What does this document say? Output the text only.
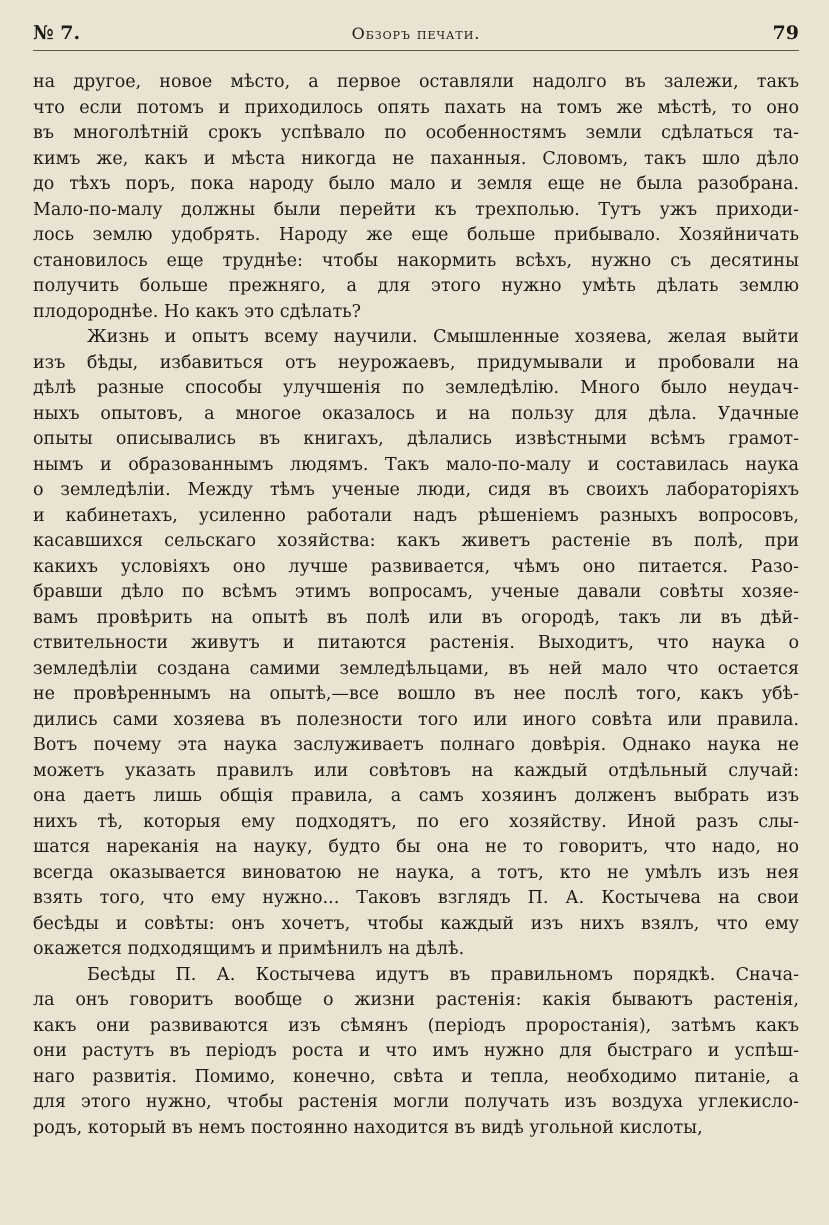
№ 7.	Обзоръ печати.	79
на другое, новое мѣсто, а первое оставляли надолго въ залежи, такъ
что если потомъ и приходилось опять пахать на томъ же мѣстѣ, то оно
въ многолѣтній срокъ успѣвало по особенностямъ земли сдѣлаться та-
кимъ же, какъ и мѣста никогда не паханныя. Словомъ, такъ шло дѣло
до тѣхъ поръ, пока народу было мало и земля еще не была разобрана.
Мало-по-малу должны были перейти къ трехполью. Тутъ ужъ приходи-
лось землю удобрять. Народу же еще больше прибывало. Хозяйничать
становилось еще труднѣе: чтобы накормить всѣхъ, нужно съ десятины
получить больше прежняго, а для этого нужно умѣть дѣлать землю
плодороднѣе. Но какъ это сдѣлать?
Жизнь и опытъ всему научили. Смышленные хозяева, желая выйти
изъ бѣды, избавиться отъ неурожаевъ, придумывали и пробовали на
дѣлѣ разные способы улучшенія по земледѣлію. Много было неудач-
ныхъ опытовъ, а многое оказалось и на пользу для дѣла. Удачные
опыты описывались въ книгахъ, дѣлались извѣстными всѣмъ грамот-
нымъ и образованнымъ людямъ. Такъ мало-по-малу и составилась наука
о земледѣліи. Между тѣмъ ученые люди, сидя въ своихъ лабораторіяхъ
и кабинетахъ, усиленно работали надъ рѣшеніемъ разныхъ вопросовъ,
касавшихся сельскаго хозяйства: какъ живетъ растеніе въ полѣ, при
какихъ условіяхъ оно лучше развивается, чѣмъ оно питается. Разо-
бравши дѣло по всѣмъ этимъ вопросамъ, ученые давали совѣты хозяе-
вамъ провѣрить на опытѣ въ полѣ или въ огородѣ, такъ ли въ дѣй-
ствительности живутъ и питаются растенія. Выходитъ, что наука о
земледѣліи создана самими земледѣльцами, въ ней мало что остается
не провѣреннымъ на опытѣ,—все вошло въ нее послѣ того, какъ убѣ-
дились сами хозяева въ полезности того или иного совѣта или правила.
Вотъ почему эта наука заслуживаетъ полнаго довѣрія. Однако наука не
можетъ указать правилъ или совѣтовъ на каждый отдѣльный случай:
она даетъ лишь общія правила, а самъ хозяинъ долженъ выбрать изъ
нихъ тѣ, которыя ему подходятъ, по его хозяйству. Иной разъ слы-
шатся нареканія на науку, будто бы она не то говоритъ, что надо, но
всегда оказывается виноватою не наука, а тотъ, кто не умѣлъ изъ нея
взять того, что ему нужно... Таковъ взглядъ П. А. Костычева на свои
бесѣды и совѣты: онъ хочетъ, чтобы каждый изъ нихъ взялъ, что ему
окажется подходящимъ и примѣнилъ на дѣлѣ.
Бесѣды П. А. Костычева идутъ въ правильномъ порядкѣ. Снача-
ла онъ говоритъ вообще о жизни растенія: какія бываютъ растенія,
какъ они развиваются изъ сѣмянъ (періодъ проростанія), затѣмъ какъ
они растутъ въ періодъ роста и что имъ нужно для быстраго и успѣш-
наго развитія. Помимо, конечно, свѣта и тепла, необходимо питаніе, а
для этого нужно, чтобы растенія могли получать изъ воздуха углекисло-
родъ, который въ немъ постоянно находится въ видѣ угольной кислоты,
